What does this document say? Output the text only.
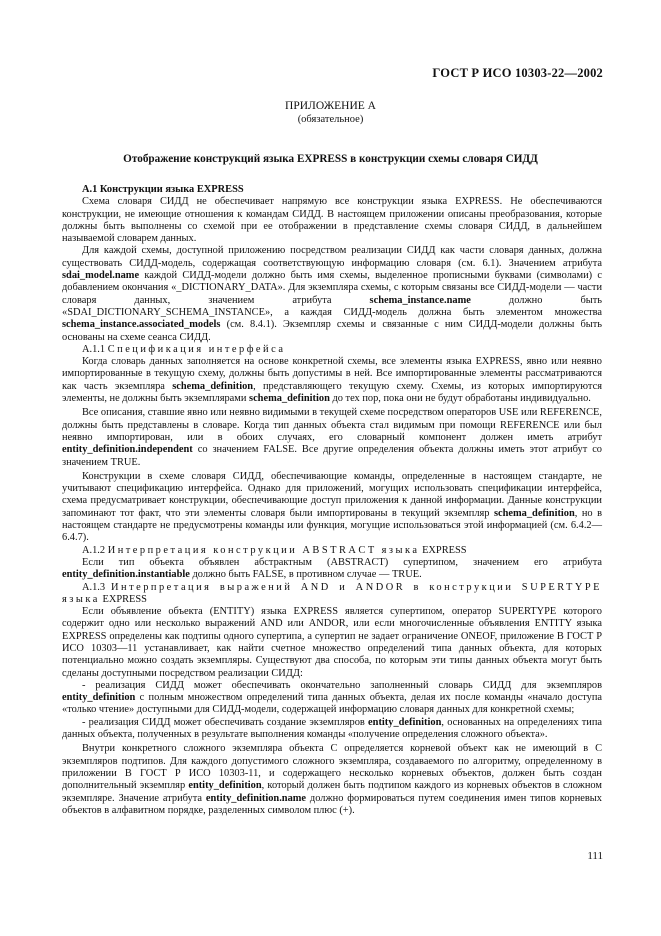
ГОСТ Р ИСО 10303-22—2002
ПРИЛОЖЕНИЕ А
(обязательное)
Отображение конструкций языка EXPRESS в конструкции схемы словаря СИДД
А.1 Конструкции языка EXPRESS

Схема словаря СИДД не обеспечивает напрямую все конструкции языка EXPRESS. Не обеспечиваются конструкции, не имеющие отношения к командам СИДД. В настоящем приложении описаны преобразования, которые должны быть выполнены со схемой при ее отображении в представление схемы словаря СИДД, в дальнейшем называемой словарем данных.

Для каждой схемы, доступной приложению посредством реализации СИДД как части словаря данных, должна существовать СИДД-модель, содержащая соответствующую информацию словаря (см. 6.1). Значением атрибута sdai_model.name каждой СИДД-модели должно быть имя схемы, выделенное прописными буквами (символами) с добавлением окончания «_DICTIONARY_DATA». Для экземпляра схемы, с которым связаны все СИДД-модели — части словаря данных, значением атрибута schema_instance.name должно быть «SDAI_DICTIONARY_SCHEMA_INSTANCE», а каждая СИДД-модель должна быть элементом множества schema_instance.associated_models (см. 8.4.1). Экземпляр схемы и связанные с ним СИДД-модели должны быть основаны на схеме сеанса СИДД.

А.1.1 Спецификация интерфейса

Когда словарь данных заполняется на основе конкретной схемы, все элементы языка EXPRESS, явно или неявно импортированные в текущую схему, должны быть допустимы в ней. Все импортированные элементы рассматриваются как часть экземпляра schema_definition, представляющего текущую схему. Схемы, из которых импортируются элементы, не должны быть экземплярами schema_definition до тех пор, пока они не будут обработаны индивидуально.

Все описания, ставшие явно или неявно видимыми в текущей схеме посредством операторов USE или REFERENCE, должны быть представлены в словаре. Когда тип данных объекта стал видимым при помощи REFERENCE или был неявно импортирован, или в обоих случаях, его словарный компонент должен иметь атрибут entity_definition.independent со значением FALSE. Все другие определения объекта должны иметь этот атрибут со значением TRUE.

Конструкции в схеме словаря СИДД, обеспечивающие команды, определенные в настоящем стандарте, не учитывают спецификацию интерфейса. Однако для приложений, могущих использовать спецификации интерфейса, схема предусматривает конструкции, обеспечивающие доступ приложения к данной информации. Данные конструкции запоминают тот факт, что эти элементы словаря были импортированы в текущий экземпляр schema_definition, но в настоящем стандарте не предусмотрены команды или функция, могущие использоваться этой информацией (см. 6.4.2—6.4.7).

А.1.2 Интерпретация конструкции ABSTRACT языка EXPRESS

Если тип объекта объявлен абстрактным (ABSTRACT) супертипом, значением его атрибута entity_definition.instantiable должно быть FALSE, в противном случае — TRUE.

А.1.3 Интерпретация выражений AND и ANDOR в конструкции SUPERTYPE языка EXPRESS

Если объявление объекта (ENTITY) языка EXPRESS является супертипом, оператор SUPERTYPE которого содержит одно или несколько выражений AND или ANDOR, или если многочисленные объявления ENTITY языка EXPRESS определены как подтипы одного супертипа, а супертип не задает ограничение ONEOF, приложение В ГОСТ Р ИСО 10303—11 устанавливает, как найти счетное множество определений типа данных объекта, для которых потенциально можно создать экземпляры. Существуют два способа, по которым эти типы данных объекта могут быть сделаны доступными посредством реализации СИДД:

- реализация СИДД может обеспечивать окончательно заполненный словарь СИДД для экземпляров entity_definition с полным множеством определений типа данных объекта, делая их после команды «начало доступа «только чтение» доступными для СИДД-модели, содержащей информацию словаря данных для конкретной схемы;

- реализация СИДД может обеспечивать создание экземпляров entity_definition, основанных на определениях типа данных объекта, полученных в результате выполнения команды «получение определения сложного объекта».

Внутри конкретного сложного экземпляра объекта С определяется корневой объект как не имеющий в С экземпляров подтипов. Для каждого допустимого сложного экземпляра, создаваемого по алгоритму, определенному в приложении В ГОСТ Р ИСО 10303-11, и содержащего несколько корневых объектов, должен быть создан дополнительный экземпляр entity_definition, который должен быть подтипом каждого из корневых объектов в сложном экземпляре. Значение атрибута entity_definition.name должно формироваться путем соединения имен типов корневых объектов в алфавитном порядке, разделенных символом плюс (+).

111
